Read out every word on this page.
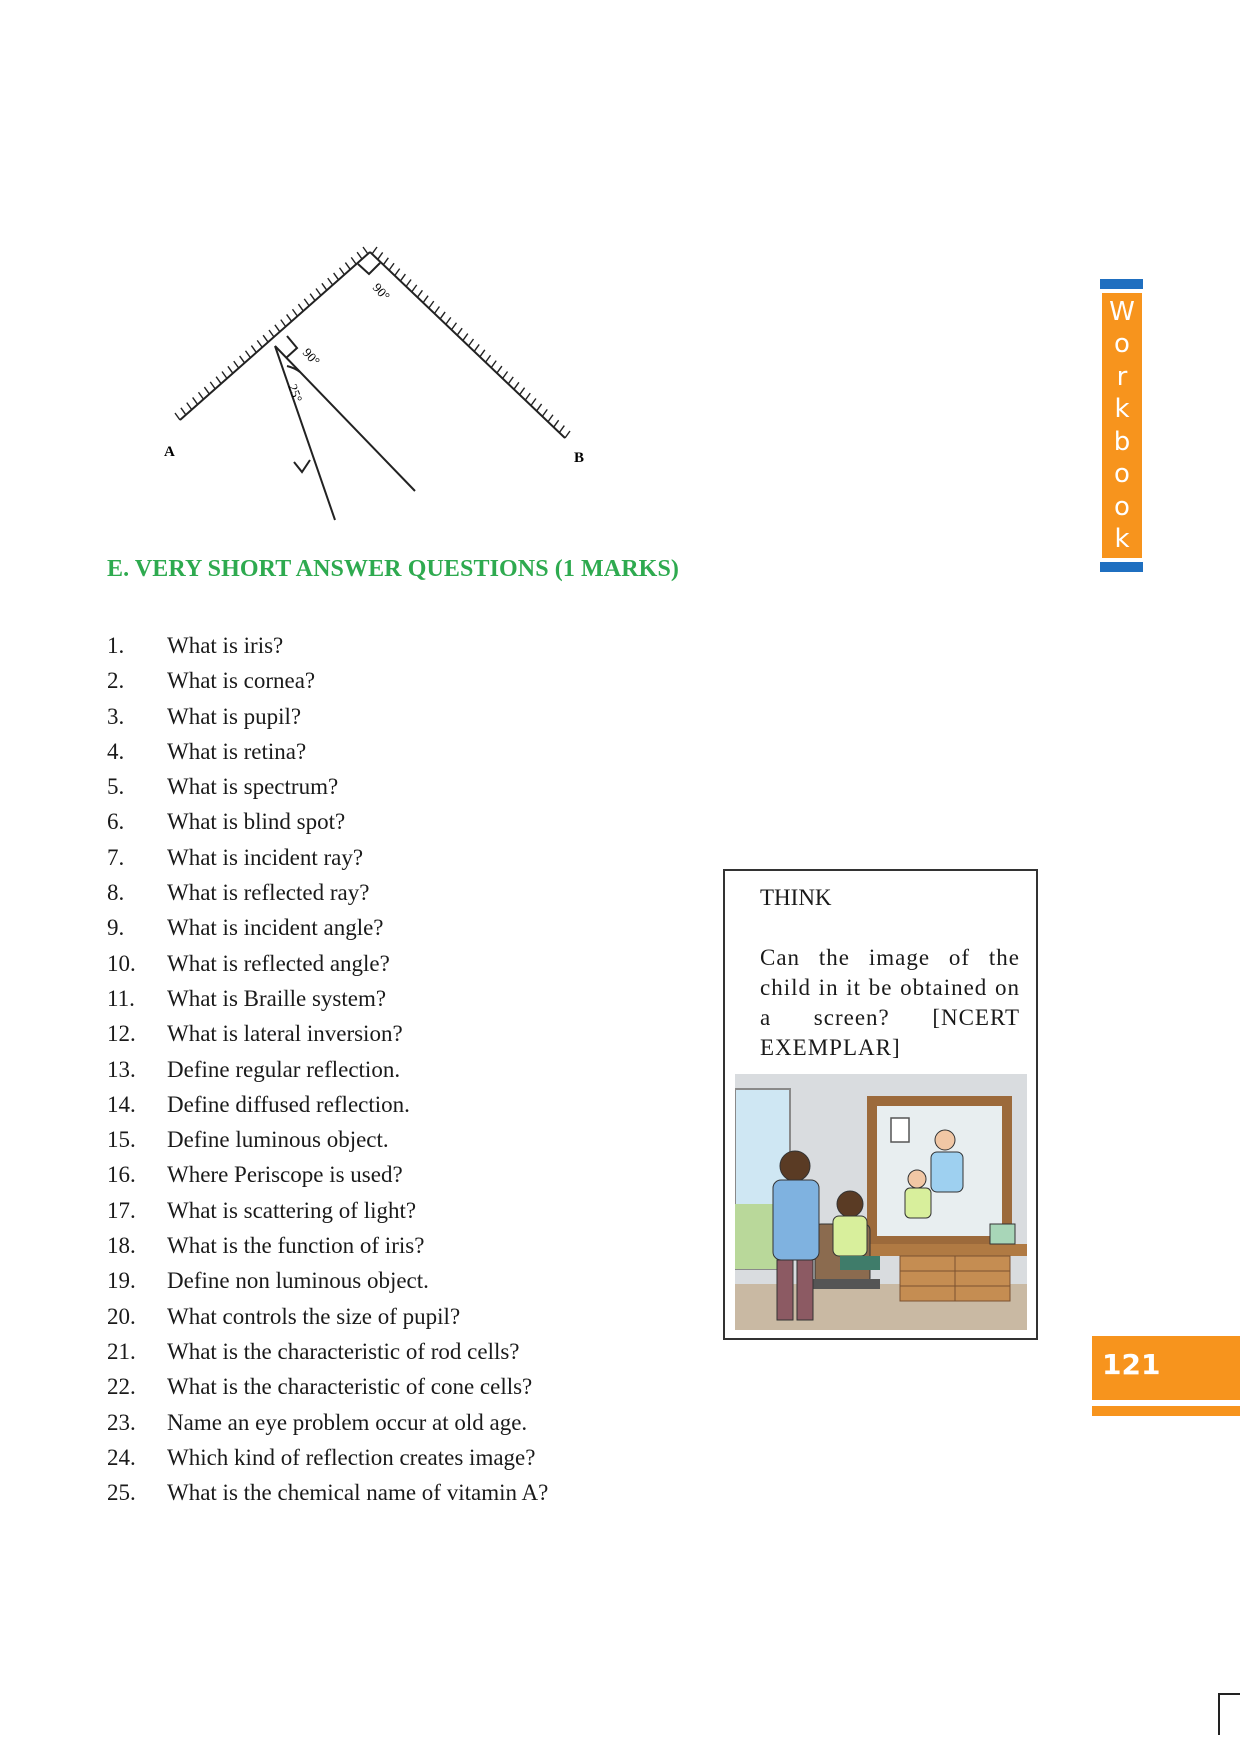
A	B
90°
90°
25°
E. VERY SHORT ANSWER QUESTIONS (1 MARKS)
1.	What is iris?
2.	What is cornea?
3.	What is pupil?
4.	What is retina?
5.	What is spectrum?
6.	What is blind spot?
7.	What is incident ray?
8.	What is reflected ray?
9.	What is incident angle?
10.	What is reflected angle?
11.	What is Braille system?
12.	What is lateral inversion?
13.	Define regular reflection.
14.	Define diffused reflection.
15.	Define luminous object.
16.	Where Periscope is used?
17.	What is scattering of light?
18.	What is the function of iris?
19.	Define non luminous object.
20.	What controls the size of pupil?
21.	What is the characteristic of rod cells?
22.	What is the characteristic of cone cells?
23.	Name an eye problem occur at old age.
24.	Which kind of reflection creates image?
25.	What is the chemical name of vitamin A?
THINK

Can the image of the child in it be obtained on a screen? [NCERT EXEMPLAR]

W
o
r
k
b
o
o
k
121
